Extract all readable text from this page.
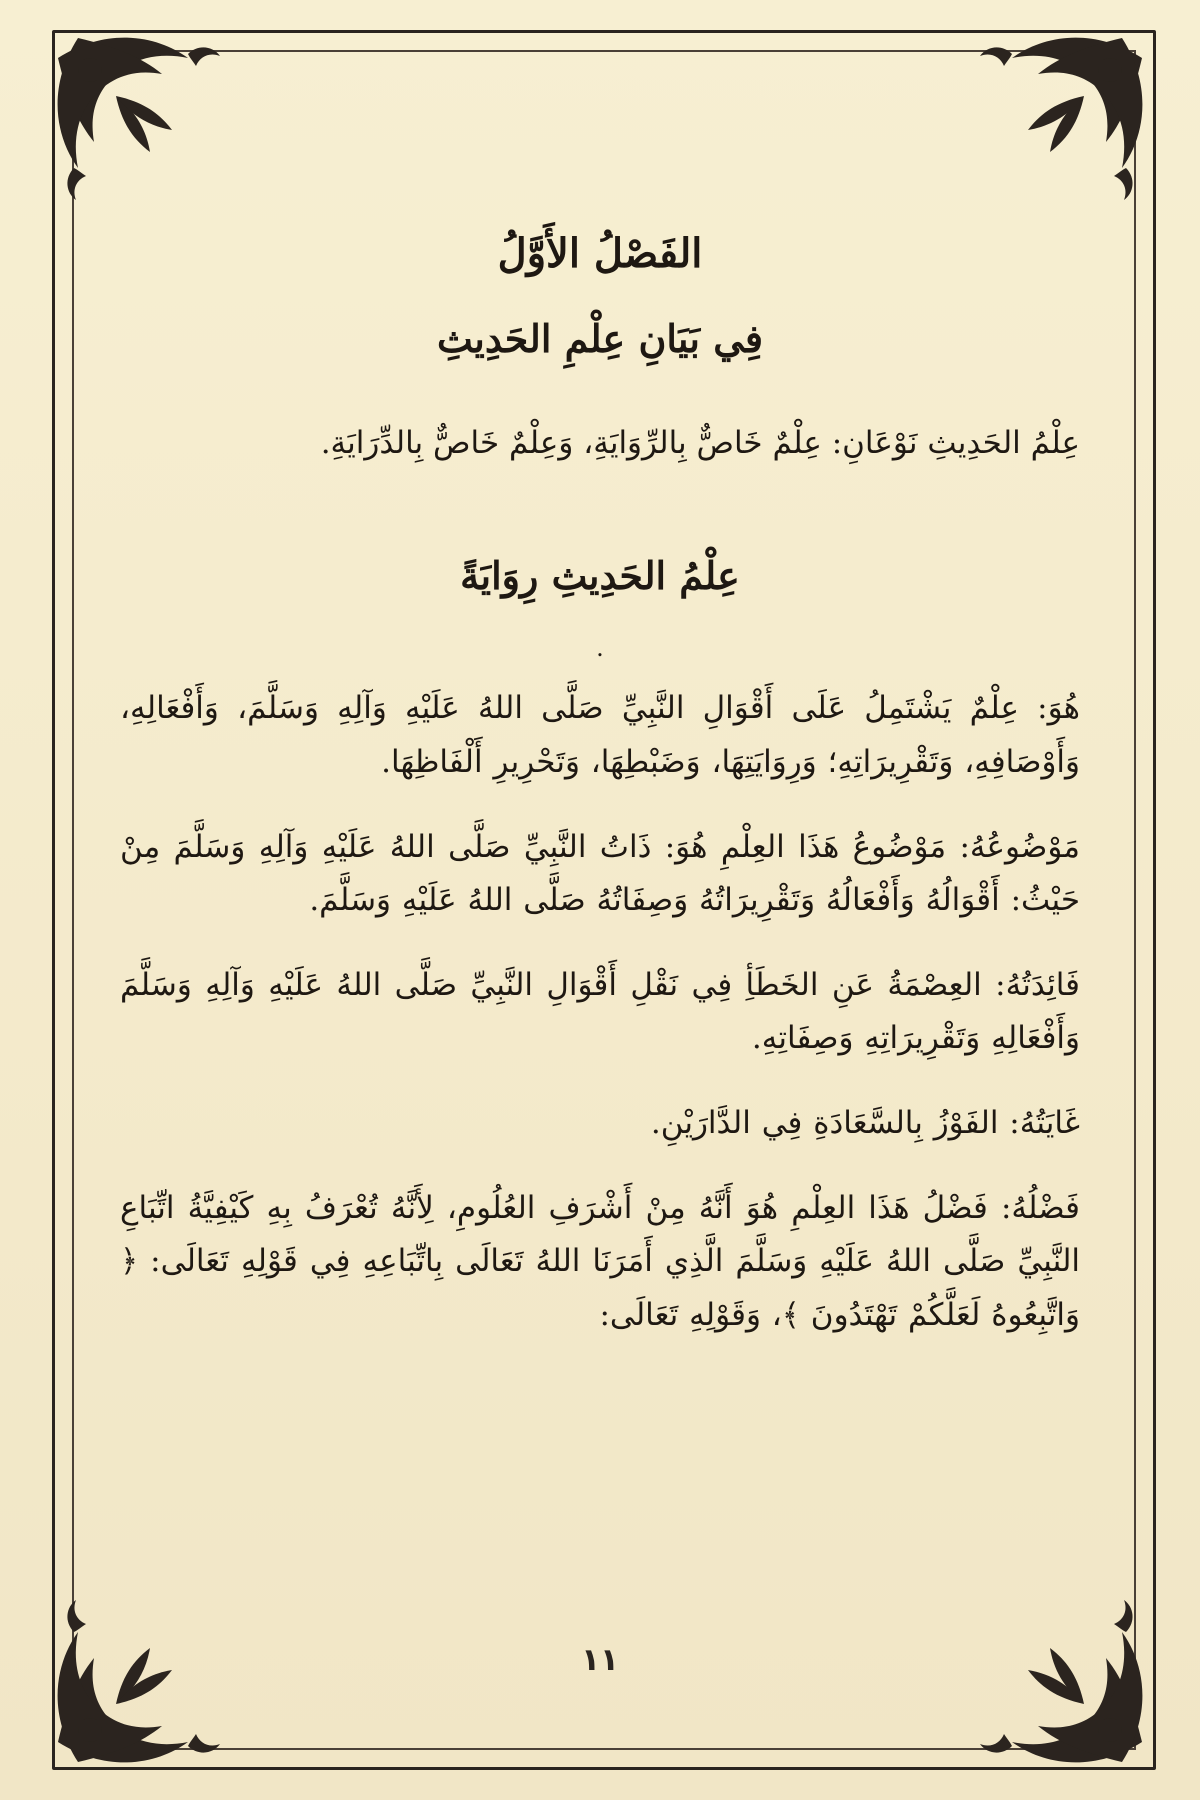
الفَصْلُ الأَوَّلُ
فِي بَيَانِ عِلْمِ الحَدِيثِ
عِلْمُ الحَدِيثِ نَوْعَانِ: عِلْمٌ خَاصٌّ بِالرِّوَايَةِ، وَعِلْمٌ خَاصٌّ بِالدِّرَايَةِ.
عِلْمُ الحَدِيثِ رِوَايَةً
.

هُوَ: عِلْمٌ يَشْتَمِلُ عَلَى أَقْوَالِ النَّبِيِّ صَلَّى اللهُ عَلَيْهِ وَآلِهِ وَسَلَّمَ، وَأَفْعَالِهِ، وَأَوْصَافِهِ، وَتَقْرِيرَاتِهِ؛ وَرِوَايَتِهَا، وَضَبْطِهَا، وَتَحْرِيرِ أَلْفَاظِهَا.

مَوْضُوعُهُ: مَوْضُوعُ هَذَا العِلْمِ هُوَ: ذَاتُ النَّبِيِّ صَلَّى اللهُ عَلَيْهِ وَآلِهِ وَسَلَّمَ مِنْ حَيْثُ: أَقْوَالُهُ وَأَفْعَالُهُ وَتَقْرِيرَاتُهُ وَصِفَاتُهُ صَلَّى اللهُ عَلَيْهِ وَسَلَّمَ.

فَائِدَتُهُ: العِصْمَةُ عَنِ الخَطَأِ فِي نَقْلِ أَقْوَالِ النَّبِيِّ صَلَّى اللهُ عَلَيْهِ وَآلِهِ وَسَلَّمَ وَأَفْعَالِهِ وَتَقْرِيرَاتِهِ وَصِفَاتِهِ.

غَايَتُهُ: الفَوْزُ بِالسَّعَادَةِ فِي الدَّارَيْنِ.

فَضْلُهُ: فَضْلُ هَذَا العِلْمِ هُوَ أَنَّهُ مِنْ أَشْرَفِ العُلُومِ، لِأَنَّهُ تُعْرَفُ بِهِ كَيْفِيَّةُ اتِّبَاعِ النَّبِيِّ صَلَّى اللهُ عَلَيْهِ وَسَلَّمَ الَّذِي أَمَرَنَا اللهُ تَعَالَى بِاتِّبَاعِهِ فِي قَوْلِهِ تَعَالَى: ﴿ وَاتَّبِعُوهُ لَعَلَّكُمْ تَهْتَدُونَ ﴾، وَقَوْلِهِ تَعَالَى:

١١
